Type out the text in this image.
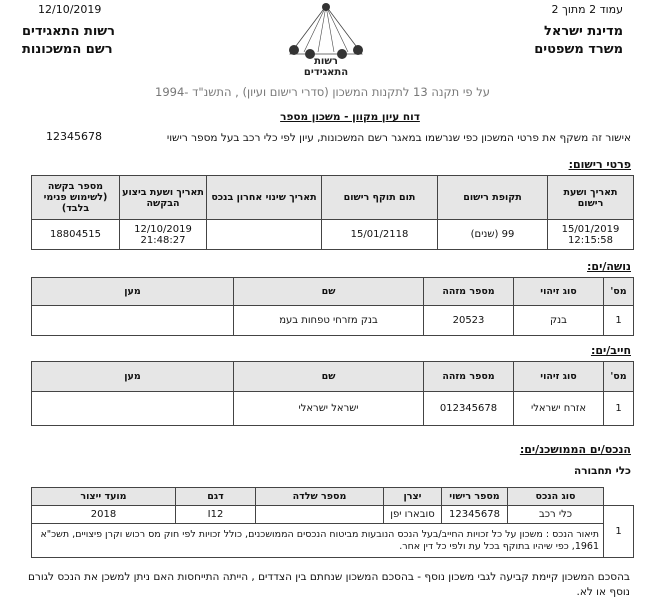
12/10/2019	עמוד 2 מתוך 2
מדינת ישראל
משרד משפטים
רשות התאגידים
רשם המשכונות
רשות
התאגידים
על פי תקנה 13 לתקנות המשכון (סדרי רישום ועיון) , התשנ"ד -1994
דוח עיון מקוון - משכון מספר
אישור זה משקף את פרטי המשכון כפי שנרשמו במאגר רשם המשכונות, עיון לפי כלי רכב בעל מספר רישוי
12345678
פרטי רישום:
תאריך ושעת רישום	תקופת רישום	תום תוקף רישום	תאריך שינוי אחרון בנכס	תאריך ושעת ביצוע הבקשה	מספר בקשה (לשימוש פנימי בלבד)
15/01/2019 12:15:58	99 (שנים)	15/01/2118		12/10/2019 21:48:27	18804515
נושה/ים:
מס'	סוג זיהוי	מספר מזהה	שם	מען
1	בנק	20523	בנק מזרחי טפחות בעמ	
חייב/ים:
מס'	סוג זיהוי	מספר מזהה	שם	מען
1	אזרח ישראלי	012345678	ישראל ישראלי	
הנכס/ים הממושכנ/ים:
כלי תחבורה
	סוג הנכס	מספר רישוי	יצרן	מספר שלדה	דגם	מועד ייצור
1	כלי רכב	12345678	סובארו יפן		I12	2018
	תיאור הנכס : משכון על כל זכויות החייב/בעל הנכס הנובעות מביטוח הנכסים הממושכנים, כולל זכויות לפי חוק מס רכוש וקרן פיצויים, תשכ"א 1961, כפי שיהיו בתוקף בכל עת ולפי כל דין אחר.					
בהסכם המשכון קיימת קביעה לגבי משכון נוסף - בהסכם המשכון שנחתם בין הצדדים , הייתה התייחסות האם ניתן למשכן את הנכס לגורם נוסף או לא.
